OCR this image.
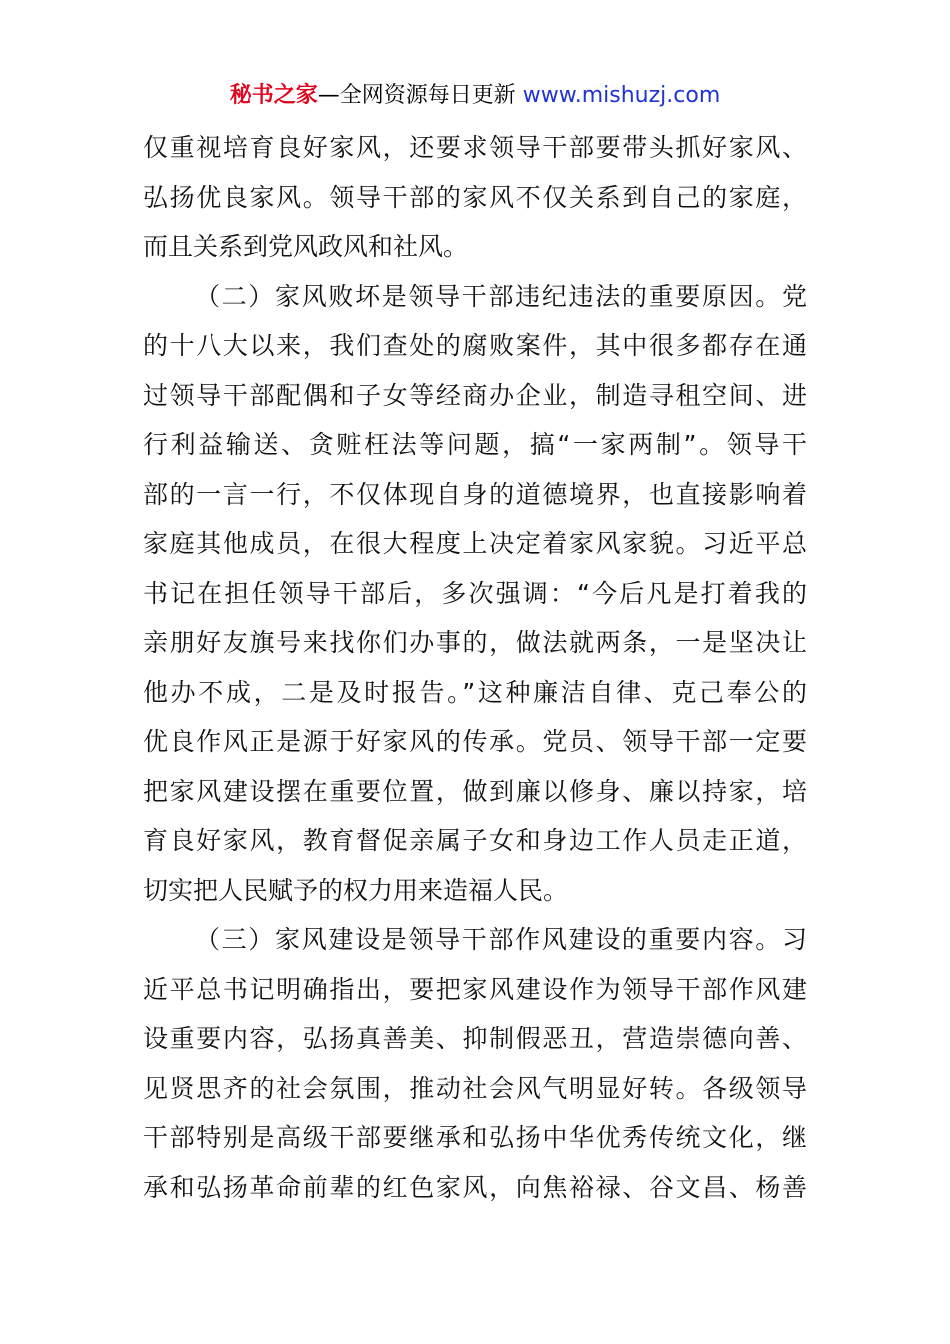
秘书之家—全网资源每日更新 www.mishuzj.com
仅重视培育良好家风，还要求领导干部要带头抓好家风、
弘扬优良家风。领导干部的家风不仅关系到自己的家庭，
而且关系到党风政风和社风。
（二）家风败坏是领导干部违纪违法的重要原因。党
的十八大以来，我们查处的腐败案件，其中很多都存在通
过领导干部配偶和子女等经商办企业，制造寻租空间、进
行利益输送、贪赃枉法等问题，搞“一家两制”。领导干
部的一言一行，不仅体现自身的道德境界，也直接影响着
家庭其他成员，在很大程度上决定着家风家貌。习近平总
书记在担任领导干部后，多次强调：“今后凡是打着我的
亲朋好友旗号来找你们办事的，做法就两条，一是坚决让
他办不成，二是及时报告。”这种廉洁自律、克己奉公的
优良作风正是源于好家风的传承。党员、领导干部一定要
把家风建设摆在重要位置，做到廉以修身、廉以持家，培
育良好家风，教育督促亲属子女和身边工作人员走正道，
切实把人民赋予的权力用来造福人民。
（三）家风建设是领导干部作风建设的重要内容。习
近平总书记明确指出，要把家风建设作为领导干部作风建
设重要内容，弘扬真善美、抑制假恶丑，营造崇德向善、
见贤思齐的社会氛围，推动社会风气明显好转。各级领导
干部特别是高级干部要继承和弘扬中华优秀传统文化，继
承和弘扬革命前辈的红色家风，向焦裕禄、谷文昌、杨善
